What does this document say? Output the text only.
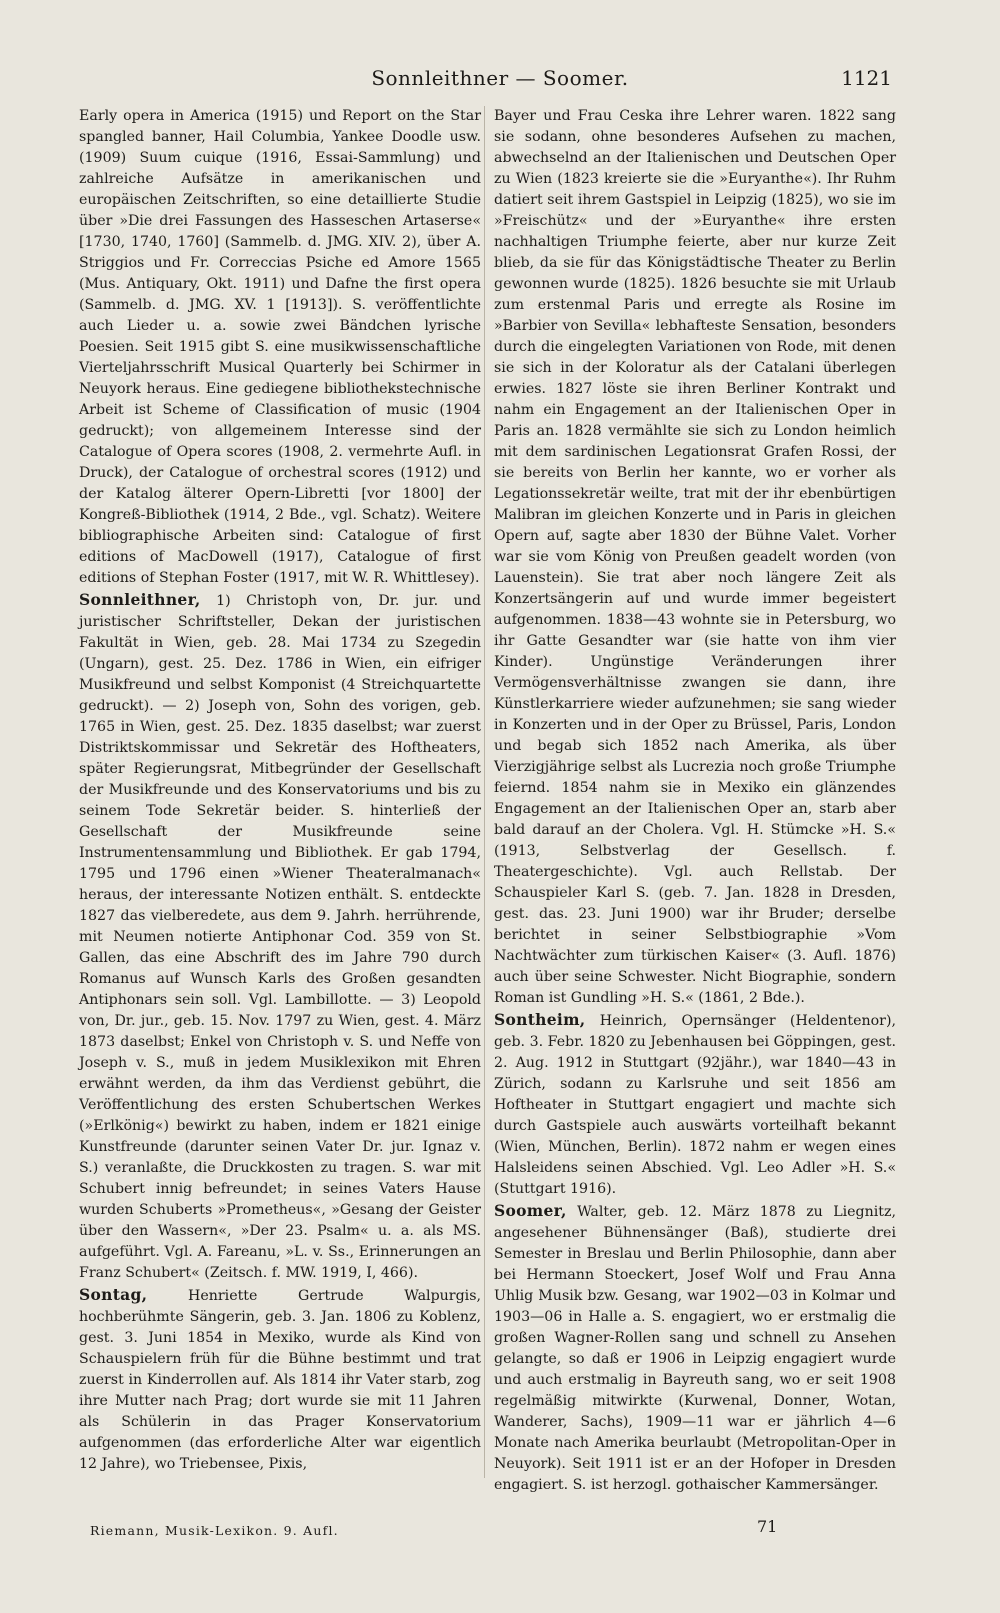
Sonnleithner — Soomer.	1121

Early opera in America (1915) und Report on the Star spangled banner, Hail Columbia, Yankee Doodle usw. (1909) Suum cuique (1916, Essai-Sammlung) und zahlreiche Aufsätze in amerikanischen und europäischen Zeitschriften, so eine detaillierte Studie über »Die drei Fassungen des Hasseschen Artaserse« [1730, 1740, 1760] (Sammelb. d. JMG. XIV. 2), über A. Striggios und Fr. Correccias Psiche ed Amore 1565 (Mus. Antiquary, Okt. 1911) und Dafne the first opera (Sammelb. d. JMG. XV. 1 [1913]). S. veröffentlichte auch Lieder u. a. sowie zwei Bändchen lyrische Poesien. Seit 1915 gibt S. eine musikwissenschaftliche Vierteljahrsschrift Musical Quarterly bei Schirmer in Neuyork heraus. Eine gediegene bibliothekstechnische Arbeit ist Scheme of Classification of music (1904 gedruckt); von allgemeinem Interesse sind der Catalogue of Opera scores (1908, 2. vermehrte Aufl. in Druck), der Catalogue of orchestral scores (1912) und der Katalog älterer Opern-Libretti [vor 1800] der Kongreß-Bibliothek (1914, 2 Bde., vgl. Schatz). Weitere bibliographische Arbeiten sind: Catalogue of first editions of MacDowell (1917), Catalogue of first editions of Stephan Foster (1917, mit W. R. Whittlesey).

Sonnleithner, 1) Christoph von, Dr. jur. und juristischer Schriftsteller, Dekan der juristischen Fakultät in Wien, geb. 28. Mai 1734 zu Szegedin (Ungarn), gest. 25. Dez. 1786 in Wien, ein eifriger Musikfreund und selbst Komponist (4 Streichquartette gedruckt). — 2) Joseph von, Sohn des vorigen, geb. 1765 in Wien, gest. 25. Dez. 1835 daselbst; war zuerst Distriktskommissar und Sekretär des Hoftheaters, später Regierungsrat, Mitbegründer der Gesellschaft der Musikfreunde und des Konservatoriums und bis zu seinem Tode Sekretär beider. S. hinterließ der Gesellschaft der Musikfreunde seine Instrumentensammlung und Bibliothek. Er gab 1794, 1795 und 1796 einen »Wiener Theateralmanach« heraus, der interessante Notizen enthält. S. entdeckte 1827 das vielberedete, aus dem 9. Jahrh. herrührende, mit Neumen notierte Antiphonar Cod. 359 von St. Gallen, das eine Abschrift des im Jahre 790 durch Romanus auf Wunsch Karls des Großen gesandten Antiphonars sein soll. Vgl. Lambillotte. — 3) Leopold von, Dr. jur., geb. 15. Nov. 1797 zu Wien, gest. 4. März 1873 daselbst; Enkel von Christoph v. S. und Neffe von Joseph v. S., muß in jedem Musiklexikon mit Ehren erwähnt werden, da ihm das Verdienst gebührt, die Veröffentlichung des ersten Schubertschen Werkes (»Erlkönig«) bewirkt zu haben, indem er 1821 einige Kunstfreunde (darunter seinen Vater Dr. jur. Ignaz v. S.) veranlaßte, die Druckkosten zu tragen. S. war mit Schubert innig befreundet; in seines Vaters Hause wurden Schuberts »Prometheus«, »Gesang der Geister über den Wassern«, »Der 23. Psalm« u. a. als MS. aufgeführt. Vgl. A. Fareanu, »L. v. Ss., Erinnerungen an Franz Schubert« (Zeitsch. f. MW. 1919, I, 466).

Sontag, Henriette Gertrude Walpurgis, hochberühmte Sängerin, geb. 3. Jan. 1806 zu Koblenz, gest. 3. Juni 1854 in Mexiko, wurde als Kind von Schauspielern früh für die Bühne bestimmt und trat zuerst in Kinderrollen auf. Als 1814 ihr Vater starb, zog ihre Mutter nach Prag; dort wurde sie mit 11 Jahren als Schülerin in das Prager Konservatorium aufgenommen (das erforderliche Alter war eigentlich 12 Jahre), wo Triebensee, Pixis,

Bayer und Frau Ceska ihre Lehrer waren. 1822 sang sie sodann, ohne besonderes Aufsehen zu machen, abwechselnd an der Italienischen und Deutschen Oper zu Wien (1823 kreierte sie die »Euryanthe«). Ihr Ruhm datiert seit ihrem Gastspiel in Leipzig (1825), wo sie im »Freischütz« und der »Euryanthe« ihre ersten nachhaltigen Triumphe feierte, aber nur kurze Zeit blieb, da sie für das Königstädtische Theater zu Berlin gewonnen wurde (1825). 1826 besuchte sie mit Urlaub zum erstenmal Paris und erregte als Rosine im »Barbier von Sevilla« lebhafteste Sensation, besonders durch die eingelegten Variationen von Rode, mit denen sie sich in der Koloratur als der Catalani überlegen erwies. 1827 löste sie ihren Berliner Kontrakt und nahm ein Engagement an der Italienischen Oper in Paris an. 1828 vermählte sie sich zu London heimlich mit dem sardinischen Legationsrat Grafen Rossi, der sie bereits von Berlin her kannte, wo er vorher als Legationssekretär weilte, trat mit der ihr ebenbürtigen Malibran im gleichen Konzerte und in Paris in gleichen Opern auf, sagte aber 1830 der Bühne Valet. Vorher war sie vom König von Preußen geadelt worden (von Lauenstein). Sie trat aber noch längere Zeit als Konzertsängerin auf und wurde immer begeistert aufgenommen. 1838—43 wohnte sie in Petersburg, wo ihr Gatte Gesandter war (sie hatte von ihm vier Kinder). Ungünstige Veränderungen ihrer Vermögensverhältnisse zwangen sie dann, ihre Künstlerkarriere wieder aufzunehmen; sie sang wieder in Konzerten und in der Oper zu Brüssel, Paris, London und begab sich 1852 nach Amerika, als über Vierzigjährige selbst als Lucrezia noch große Triumphe feiernd. 1854 nahm sie in Mexiko ein glänzendes Engagement an der Italienischen Oper an, starb aber bald darauf an der Cholera. Vgl. H. Stümcke »H. S.« (1913, Selbstverlag der Gesellsch. f. Theatergeschichte). Vgl. auch Rellstab. Der Schauspieler Karl S. (geb. 7. Jan. 1828 in Dresden, gest. das. 23. Juni 1900) war ihr Bruder; derselbe berichtet in seiner Selbstbiographie »Vom Nachtwächter zum türkischen Kaiser« (3. Aufl. 1876) auch über seine Schwester. Nicht Biographie, sondern Roman ist Gundling »H. S.« (1861, 2 Bde.).

Sontheim, Heinrich, Opernsänger (Heldentenor), geb. 3. Febr. 1820 zu Jebenhausen bei Göppingen, gest. 2. Aug. 1912 in Stuttgart (92jähr.), war 1840—43 in Zürich, sodann zu Karlsruhe und seit 1856 am Hoftheater in Stuttgart engagiert und machte sich durch Gastspiele auch auswärts vorteilhaft bekannt (Wien, München, Berlin). 1872 nahm er wegen eines Halsleidens seinen Abschied. Vgl. Leo Adler »H. S.« (Stuttgart 1916).

Soomer, Walter, geb. 12. März 1878 zu Liegnitz, angesehener Bühnensänger (Baß), studierte drei Semester in Breslau und Berlin Philosophie, dann aber bei Hermann Stoeckert, Josef Wolf und Frau Anna Uhlig Musik bzw. Gesang, war 1902—03 in Kolmar und 1903—06 in Halle a. S. engagiert, wo er erstmalig die großen Wagner-Rollen sang und schnell zu Ansehen gelangte, so daß er 1906 in Leipzig engagiert wurde und auch erstmalig in Bayreuth sang, wo er seit 1908 regelmäßig mitwirkte (Kurwenal, Donner, Wotan, Wanderer, Sachs), 1909—11 war er jährlich 4—6 Monate nach Amerika beurlaubt (Metropolitan-Oper in Neuyork). Seit 1911 ist er an der Hofoper in Dresden engagiert. S. ist herzogl. gothaischer Kammersänger.

Riemann, Musik-Lexikon. 9. Aufl.	71
